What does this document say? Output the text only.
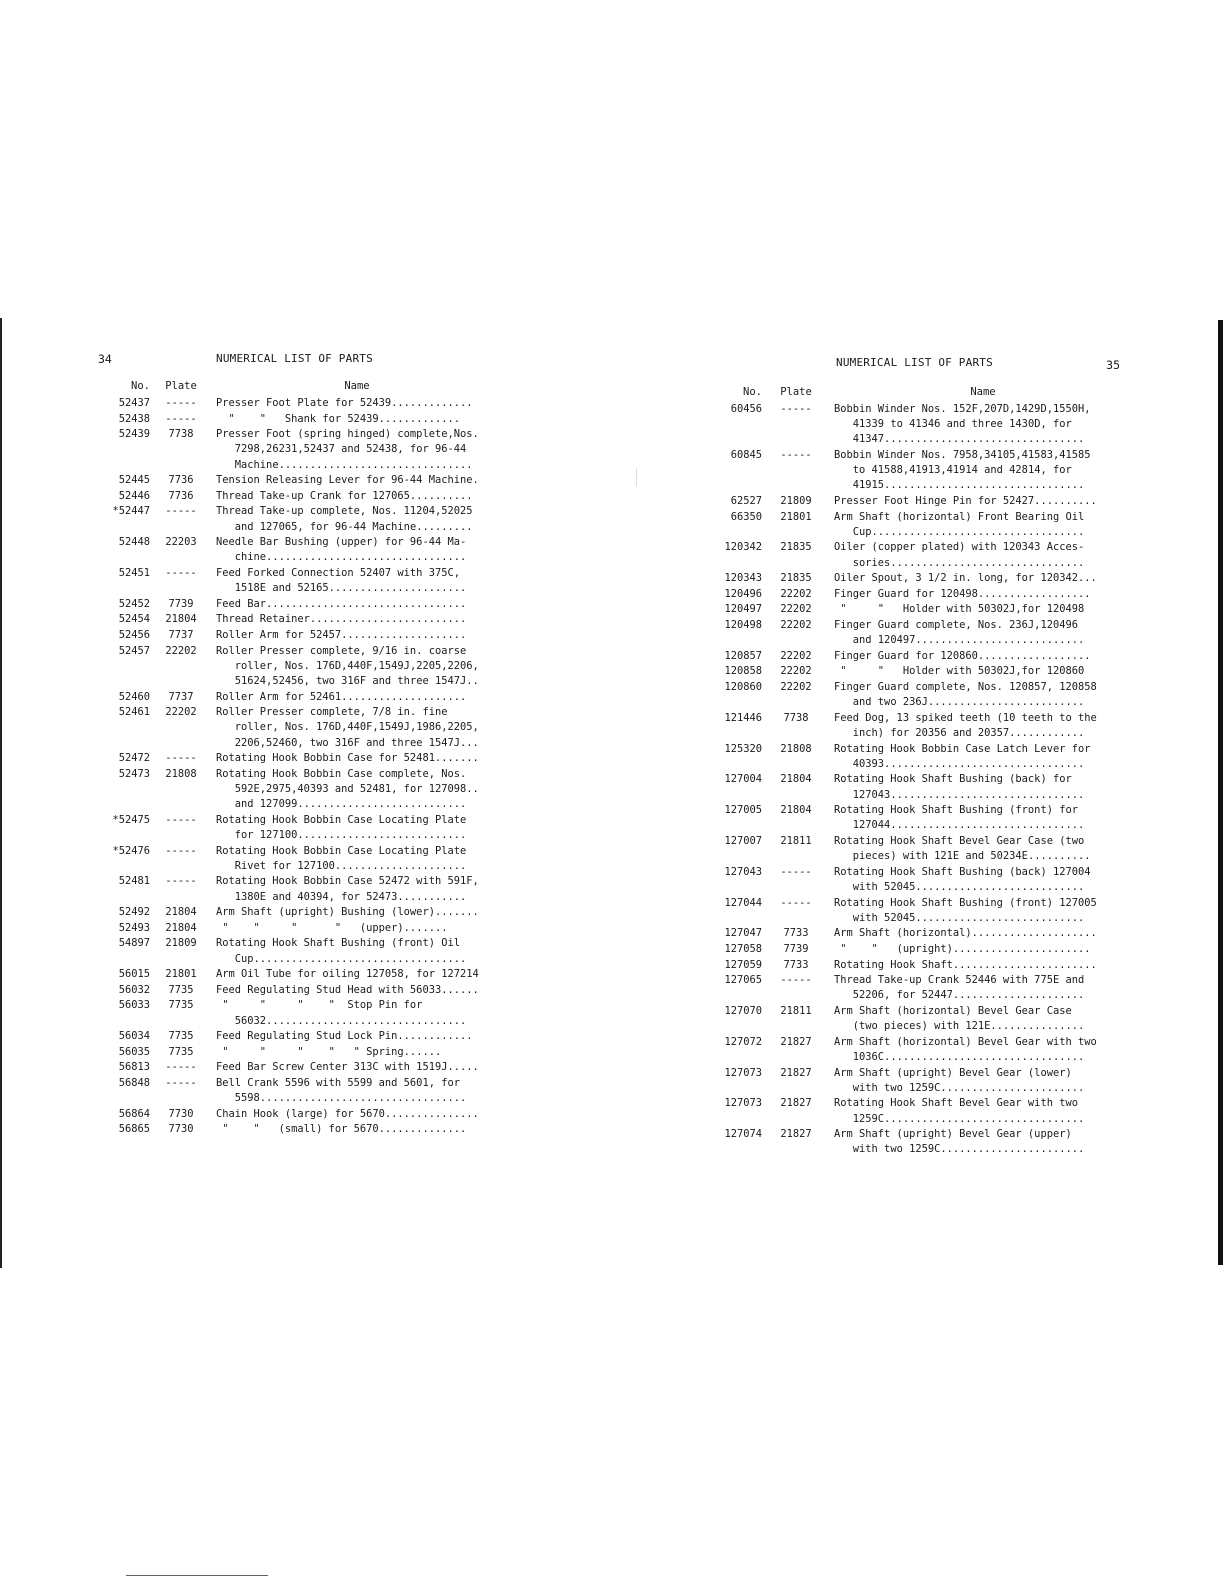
34	NUMERICAL LIST OF PARTS
No.	Plate	Name
52437	-----	Presser Foot Plate for 52439.............
52438	-----	"    "   Shank for 52439.............
52439	7738	Presser Foot (spring hinged) complete,Nos.
7298,26231,52437 and 52438, for 96-44
Machine...............................
52445	7736	Tension Releasing Lever for 96-44 Machine.
52446	7736	Thread Take-up Crank for 127065..........
*52447	-----	Thread Take-up complete, Nos. 11204,52025
and 127065, for 96-44 Machine.........
52448	22203	Needle Bar Bushing (upper) for 96-44 Ma-
chine................................
52451	-----	Feed Forked Connection 52407 with 375C,
1518E and 52165......................
52452	7739	Feed Bar................................
52454	21804	Thread Retainer.........................
52456	7737	Roller Arm for 52457....................
52457	22202	Roller Presser complete, 9/16 in. coarse
roller, Nos. 176D,440F,1549J,2205,2206,
51624,52456, two 316F and three 1547J..
52460	7737	Roller Arm for 52461....................
52461	22202	Roller Presser complete, 7/8 in. fine
roller, Nos. 176D,440F,1549J,1986,2205,
2206,52460, two 316F and three 1547J...
52472	-----	Rotating Hook Bobbin Case for 52481.......
52473	21808	Rotating Hook Bobbin Case complete, Nos.
592E,2975,40393 and 52481, for 127098..
and 127099...........................
*52475	-----	Rotating Hook Bobbin Case Locating Plate
for 127100...........................
*52476	-----	Rotating Hook Bobbin Case Locating Plate
Rivet for 127100.....................
52481	-----	Rotating Hook Bobbin Case 52472 with 591F,
1380E and 40394, for 52473...........
52492	21804	Arm Shaft (upright) Bushing (lower).......
52493	21804	"    "     "      "   (upper).......
54897	21809	Rotating Hook Shaft Bushing (front) Oil
Cup..................................
56015	21801	Arm Oil Tube for oiling 127058, for 127214
56032	7735	Feed Regulating Stud Head with 56033......
56033	7735	"     "     "    "  Stop Pin for
56032................................
56034	7735	Feed Regulating Stud Lock Pin............
56035	7735	"     "     "    "   " Spring......
56813	-----	Feed Bar Screw Center 313C with 1519J.....
56848	-----	Bell Crank 5596 with 5599 and 5601, for
5598.................................
56864	7730	Chain Hook (large) for 5670...............
56865	7730	"    "   (small) for 5670..............
NUMERICAL LIST OF PARTS	35
No.	Plate	Name
60456	-----	Bobbin Winder Nos. 152F,207D,1429D,1550H,
41339 to 41346 and three 1430D, for
41347................................
60845	-----	Bobbin Winder Nos. 7958,34105,41583,41585
to 41588,41913,41914 and 42814, for
41915................................
62527	21809	Presser Foot Hinge Pin for 52427..........
66350	21801	Arm Shaft (horizontal) Front Bearing Oil
Cup..................................
120342	21835	Oiler (copper plated) with 120343 Acces-
sories...............................
120343	21835	Oiler Spout, 3 1/2 in. long, for 120342...
120496	22202	Finger Guard for 120498..................
120497	22202	"     "   Holder with 50302J,for 120498
120498	22202	Finger Guard complete, Nos. 236J,120496
and 120497...........................
120857	22202	Finger Guard for 120860..................
120858	22202	"     "   Holder with 50302J,for 120860
120860	22202	Finger Guard complete, Nos. 120857, 120858
and two 236J.........................
121446	7738	Feed Dog, 13 spiked teeth (10 teeth to the
inch) for 20356 and 20357............
125320	21808	Rotating Hook Bobbin Case Latch Lever for
40393................................
127004	21804	Rotating Hook Shaft Bushing (back) for
127043...............................
127005	21804	Rotating Hook Shaft Bushing (front) for
127044...............................
127007	21811	Rotating Hook Shaft Bevel Gear Case (two
pieces) with 121E and 50234E..........
127043	-----	Rotating Hook Shaft Bushing (back) 127004
with 52045...........................
127044	-----	Rotating Hook Shaft Bushing (front) 127005
with 52045...........................
127047	7733	Arm Shaft (horizontal)....................
127058	7739	"    "   (upright)......................
127059	7733	Rotating Hook Shaft.......................
127065	-----	Thread Take-up Crank 52446 with 775E and
52206, for 52447.....................
127070	21811	Arm Shaft (horizontal) Bevel Gear Case
(two pieces) with 121E...............
127072	21827	Arm Shaft (horizontal) Bevel Gear with two
1036C................................
127073	21827	Arm Shaft (upright) Bevel Gear (lower)
with two 1259C.......................
127073	21827	Rotating Hook Shaft Bevel Gear with two
1259C................................
127074	21827	Arm Shaft (upright) Bevel Gear (upper)
with two 1259C.......................
